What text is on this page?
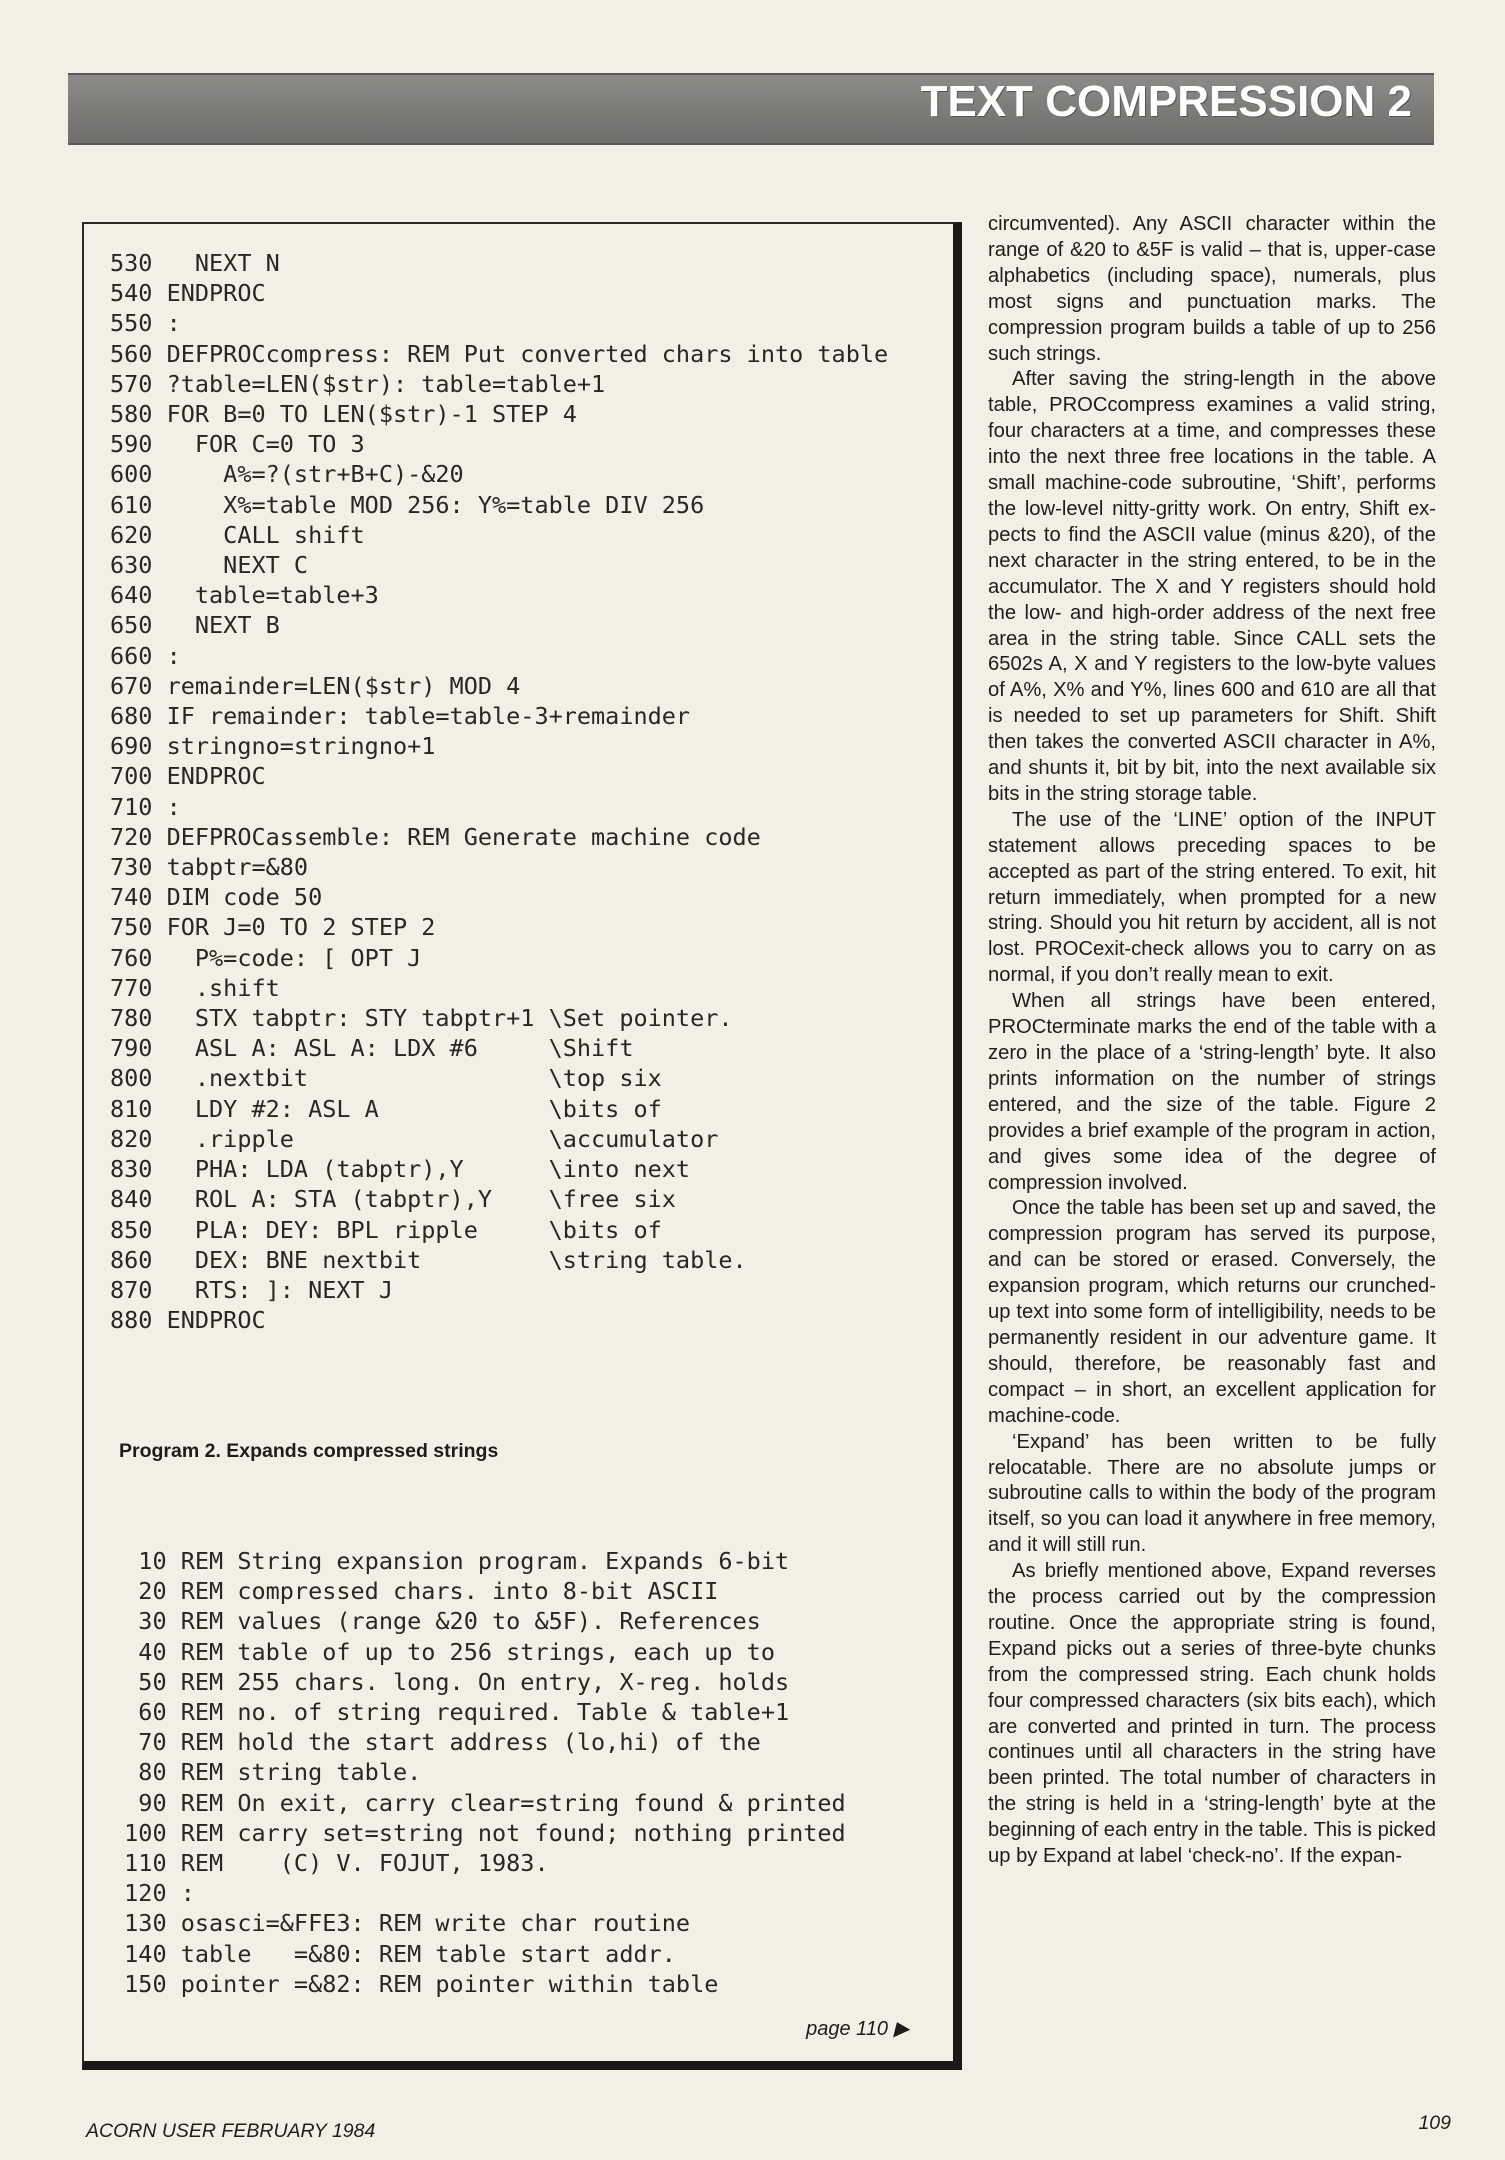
TEXT COMPRESSION 2
530   NEXT N
540 ENDPROC
550 :
560 DEFPROCcompress: REM Put converted chars into table
570 ?table=LEN($str): table=table+1
580 FOR B=0 TO LEN($str)-1 STEP 4
590   FOR C=0 TO 3
600     A%=?(str+B+C)-&20
610     X%=table MOD 256: Y%=table DIV 256
620     CALL shift
630     NEXT C
640   table=table+3
650   NEXT B
660 :
670 remainder=LEN($str) MOD 4
680 IF remainder: table=table-3+remainder
690 stringno=stringno+1
700 ENDPROC
710 :
720 DEFPROCassemble: REM Generate machine code
730 tabptr=&80
740 DIM code 50
750 FOR J=0 TO 2 STEP 2
760   P%=code: [ OPT J
770   .shift
780   STX tabptr: STY tabptr+1 \Set pointer.
790   ASL A: ASL A: LDX #6     \Shift
800   .nextbit                 \top six
810   LDY #2: ASL A            \bits of
820   .ripple                  \accumulator
830   PHA: LDA (tabptr),Y      \into next
840   ROL A: STA (tabptr),Y    \free six
850   PLA: DEY: BPL ripple     \bits of
860   DEX: BNE nextbit         \string table.
870   RTS: ]: NEXT J
880 ENDPROC
Program 2. Expands compressed strings
10 REM String expansion program. Expands 6-bit
20 REM compressed chars. into 8-bit ASCII
30 REM values (range &20 to &5F). References
40 REM table of up to 256 strings, each up to
50 REM 255 chars. long. On entry, X-reg. holds
60 REM no. of string required. Table & table+1
70 REM hold the start address (lo,hi) of the
80 REM string table.
90 REM On exit, carry clear=string found & printed
100 REM carry set=string not found; nothing printed
110 REM    (C) V. FOJUT, 1983.
120 :
130 osasci=&FFE3: REM write char routine
140 table   =&80: REM table start addr.
150 pointer =&82: REM pointer within table
page 110 ▶

circumvented). Any ASCII character within the range of &20 to &5F is valid – that is, upper-case alphabetics (including space), numerals, plus most signs and punctuation marks. The compression program builds a table of up to 256 such strings.

After saving the string-length in the above table, PROCcompress examines a valid string, four characters at a time, and compresses these into the next three free locations in the table. A small machine-code subroutine, ‘Shift’, performs the low-level nitty-gritty work. On entry, Shift expects to find the ASCII value (minus &20), of the next character in the string entered, to be in the accumulator. The X and Y registers should hold the low- and high-order address of the next free area in the string table. Since CALL sets the 6502s A, X and Y registers to the low-byte values of A%, X% and Y%, lines 600 and 610 are all that is needed to set up parameters for Shift. Shift then takes the converted ASCII character in A%, and shunts it, bit by bit, into the next available six bits in the string storage table.

The use of the ‘LINE’ option of the INPUT statement allows preceding spaces to be accepted as part of the string entered. To exit, hit return immediately, when prompted for a new string. Should you hit return by accident, all is not lost. PROCexit-check allows you to carry on as normal, if you don’t really mean to exit.

When all strings have been entered, PROCterminate marks the end of the table with a zero in the place of a ‘string-length’ byte. It also prints information on the number of strings entered, and the size of the table. Figure 2 provides a brief example of the program in action, and gives some idea of the degree of compression involved.

Once the table has been set up and saved, the compression program has served its purpose, and can be stored or erased. Conversely, the expansion program, which returns our crunched-up text into some form of intelligibility, needs to be permanently resident in our adventure game. It should, therefore, be reasonably fast and compact – in short, an excellent application for machine-code.

‘Expand’ has been written to be fully relocatable. There are no absolute jumps or subroutine calls to within the body of the program itself, so you can load it anywhere in free memory, and it will still run.

As briefly mentioned above, Expand reverses the process carried out by the compression routine. Once the appropriate string is found, Expand picks out a series of three-byte chunks from the compressed string. Each chunk holds four compressed characters (six bits each), which are converted and printed in turn. The process continues until all characters in the string have been printed. The total number of characters in the string is held in a ‘string-length’ byte at the beginning of each entry in the table. This is picked up by Expand at label ‘check-no’. If the expan-

ACORN USER FEBRUARY 1984	109
